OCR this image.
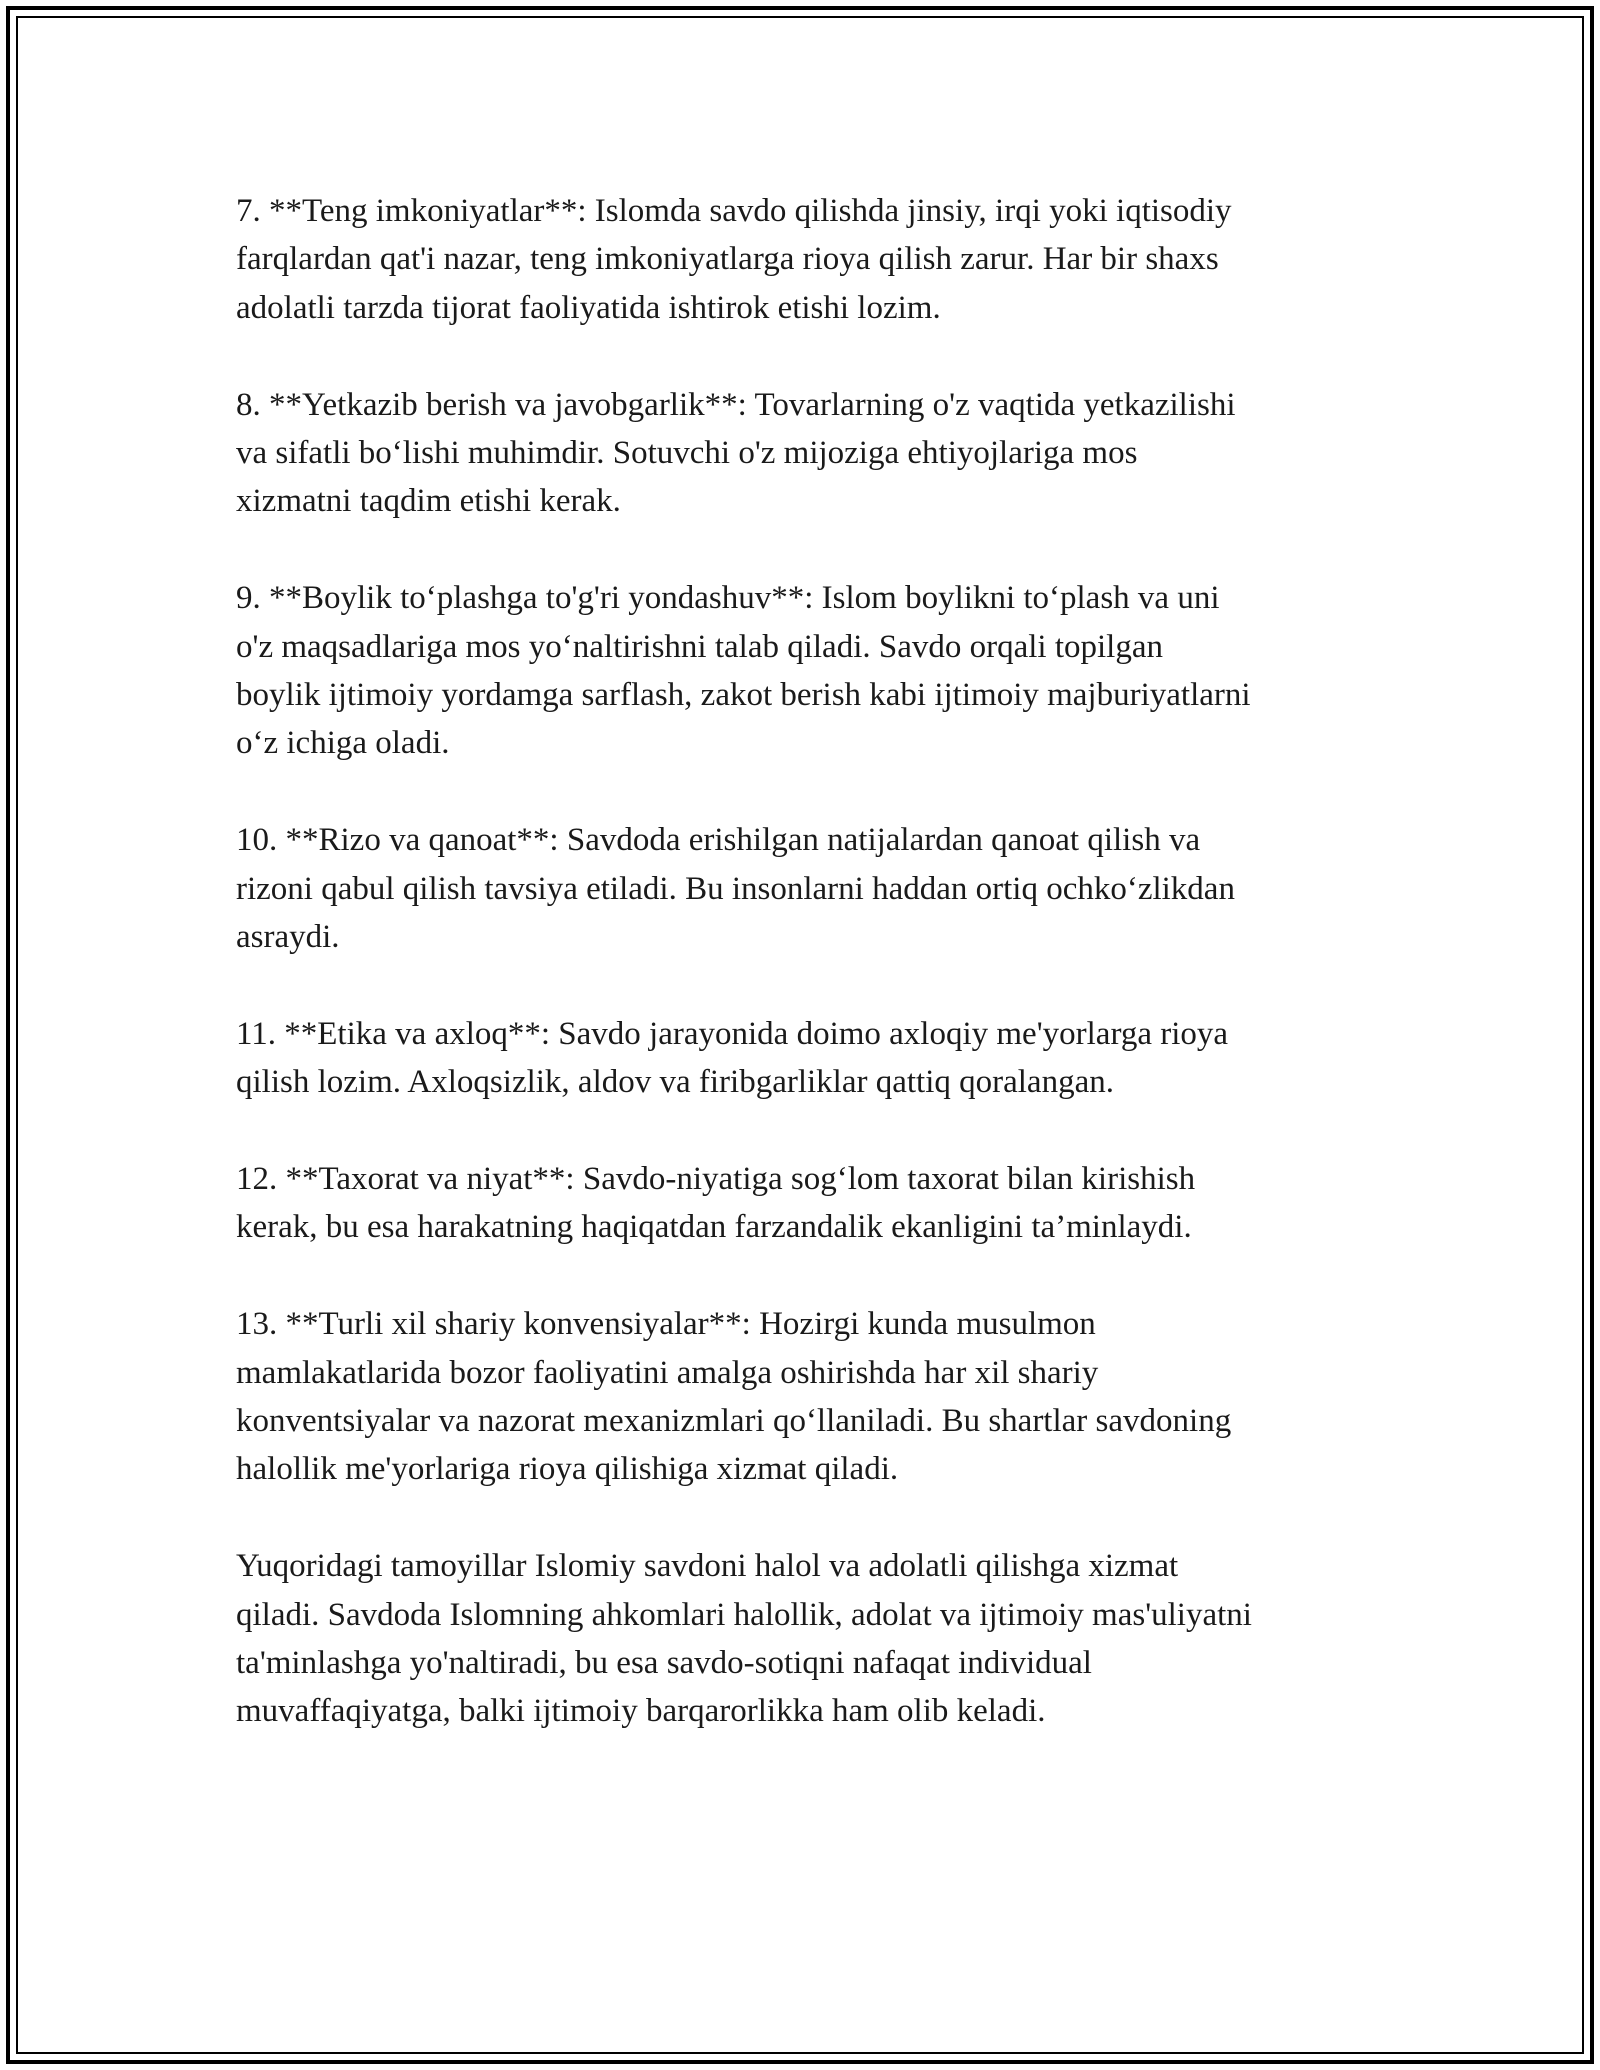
7. **Teng imkoniyatlar**: Islomda savdo qilishda jinsiy, irqi yoki iqtisodiy
farqlardan qat'i nazar, teng imkoniyatlarga rioya qilish zarur. Har bir shaxs
adolatli tarzda tijorat faoliyatida ishtirok etishi lozim.

8. **Yetkazib berish va javobgarlik**: Tovarlarning o'z vaqtida yetkazilishi
va sifatli bo‘lishi muhimdir. Sotuvchi o'z mijoziga ehtiyojlariga mos
xizmatni taqdim etishi kerak.

9. **Boylik to‘plashga to'g'ri yondashuv**: Islom boylikni to‘plash va uni
o'z maqsadlariga mos yo‘naltirishni talab qiladi. Savdo orqali topilgan
boylik ijtimoiy yordamga sarflash, zakot berish kabi ijtimoiy majburiyatlarni
o‘z ichiga oladi.

10. **Rizo va qanoat**: Savdoda erishilgan natijalardan qanoat qilish va
rizoni qabul qilish tavsiya etiladi. Bu insonlarni haddan ortiq ochko‘zlikdan
asraydi.

11. **Etika va axloq**: Savdo jarayonida doimo axloqiy me'yorlarga rioya
qilish lozim. Axloqsizlik, aldov va firibgarliklar qattiq qoralangan.

12. **Taxorat va niyat**: Savdo-niyatiga sog‘lom taxorat bilan kirishish
kerak, bu esa harakatning haqiqatdan farzandalik ekanligini ta’minlaydi.

13. **Turli xil shariy konvensiyalar**: Hozirgi kunda musulmon
mamlakatlarida bozor faoliyatini amalga oshirishda har xil shariy
konventsiyalar va nazorat mexanizmlari qo‘llaniladi. Bu shartlar savdoning
halollik me'yorlariga rioya qilishiga xizmat qiladi.

Yuqoridagi tamoyillar Islomiy savdoni halol va adolatli qilishga xizmat
qiladi. Savdoda Islomning ahkomlari halollik, adolat va ijtimoiy mas'uliyatni
ta'minlashga yo'naltiradi, bu esa savdo-sotiqni nafaqat individual
muvaffaqiyatga, balki ijtimoiy barqarorlikka ham olib keladi.
